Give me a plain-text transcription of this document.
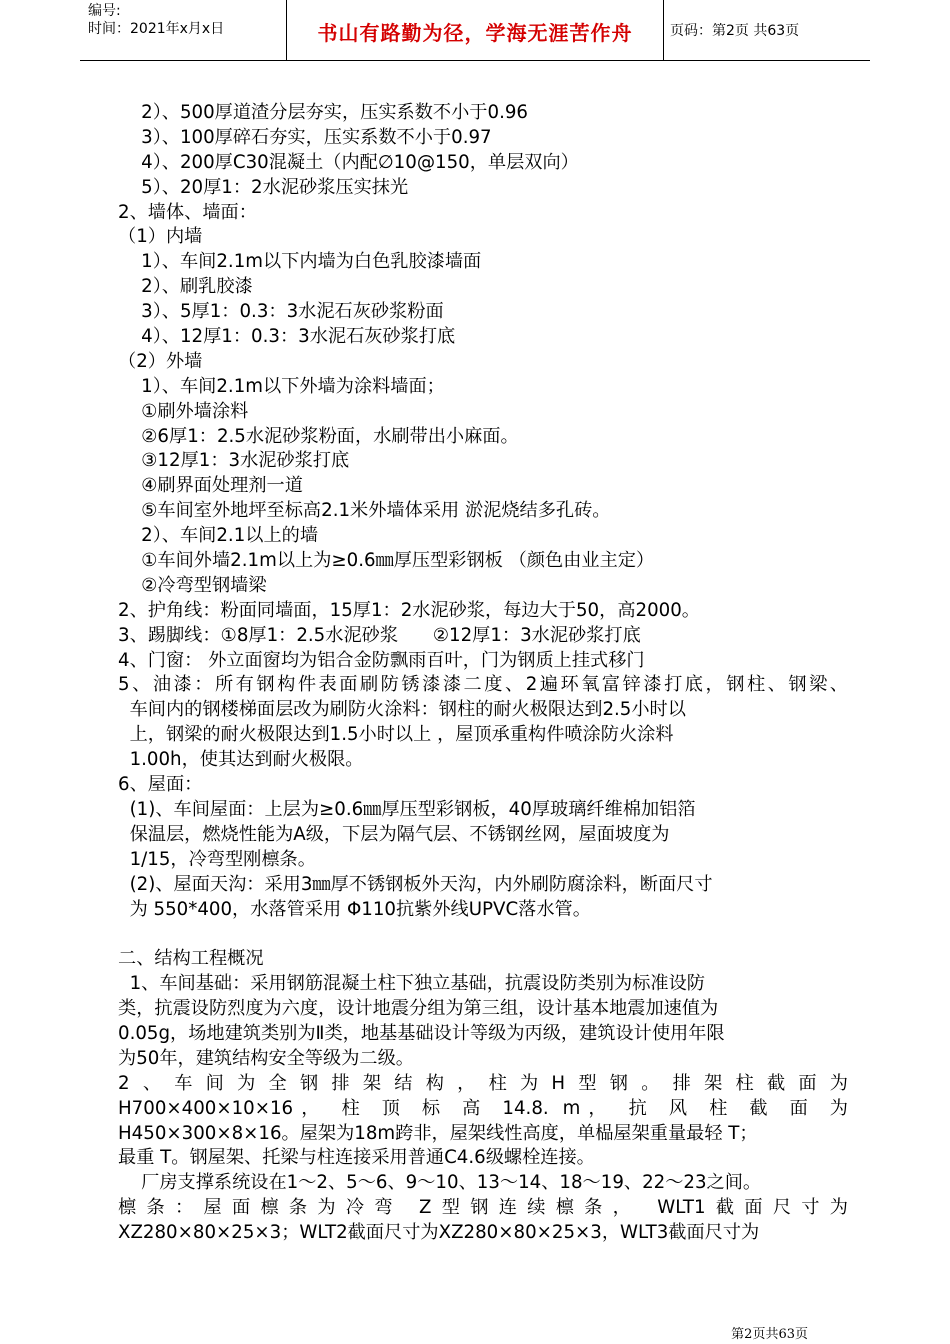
编号:
时间：2021年x月x日	书山有路勤为径，学海无涯苦作舟	页码：第2页 共63页
2）、500厚道渣分层夯实，压实系数不小于0.96
3）、100厚碎石夯实，压实系数不小于0.97
4）、200厚C30混凝土（内配∅10@150，单层双向）
5）、20厚1：2水泥砂浆压实抹光
2、墙体、墙面：
（1）内墙
1）、车间2.1m以下内墙为白色乳胶漆墙面
2）、刷乳胶漆
3）、5厚1：0.3：3水泥石灰砂浆粉面
4）、12厚1：0.3：3水泥石灰砂浆打底
（2）外墙
1）、车间2.1m以下外墙为涂料墙面；
①刷外墙涂料
②6厚1：2.5水泥砂浆粉面，水刷带出小麻面。
③12厚1：3水泥砂浆打底
④刷界面处理剂一道
⑤车间室外地坪至标高2.1米外墙体采用 淤泥烧结多孔砖。
2）、车间2.1以上的墙
①车间外墙2.1m以上为≥0.6㎜厚压型彩钢板 （颜色由业主定）
②冷弯型钢墙梁
2、护角线：粉面同墙面，15厚1：2水泥砂浆，每边大于50，高2000。
3、踢脚线：①8厚1：2.5水泥砂浆      ②12厚1：3水泥砂浆打底
4、门窗： 外立面窗均为铝合金防飘雨百叶，门为钢质上挂式移门
5、油漆：所有钢构件表面刷防锈漆漆二度、2遍环氧富锌漆打底，钢柱、钢梁、
车间内的钢楼梯面层改为刷防火涂料：钢柱的耐火极限达到2.5小时以
上，钢梁的耐火极限达到1.5小时以上 ，屋顶承重构件喷涂防火涂料
1.00h，使其达到耐火极限。
6、屋面：
(1)、车间屋面：上层为≥0.6㎜厚压型彩钢板，40厚玻璃纤维棉加铝箔
保温层，燃烧性能为A级，下层为隔气层、不锈钢丝网，屋面坡度为
1/15，冷弯型刚檩条。
(2)、屋面天沟：采用3㎜厚不锈钢板外天沟，内外刷防腐涂料，断面尺寸
为 550*400，水落管采用 Φ110抗紫外线UPVC落水管。
二、结构工程概况
1、车间基础：采用钢筋混凝土柱下独立基础，抗震设防类别为标准设防
类，抗震设防烈度为六度，设计地震分组为第三组，设计基本地震加速值为
0.05g，场地建筑类别为Ⅱ类，地基基础设计等级为丙级，建筑设计使用年限
为50年，建筑结构安全等级为二级。
2、车间为全钢排架结构，柱为H型钢。排架柱截面为
H700×400×10×16， 柱 顶 标 高 14.8. m， 抗 风 柱 截 面 为
H450×300×8×16。屋架为18m跨非，屋架线性高度，单榀屋架重量最轻 T；
最重 T。钢屋架、托梁与柱连接采用普通C4.6级螺栓连接。
厂房支撑系统设在1～2、5～6、9～10、13～14、18～19、22～23之间。
檩条：屋面檩条为冷弯 Z型钢连续檩条， WLT1截面尺寸为
XZ280×80×25×3；WLT2截面尺寸为XZ280×80×25×3，WLT3截面尺寸为
第2页共63页
